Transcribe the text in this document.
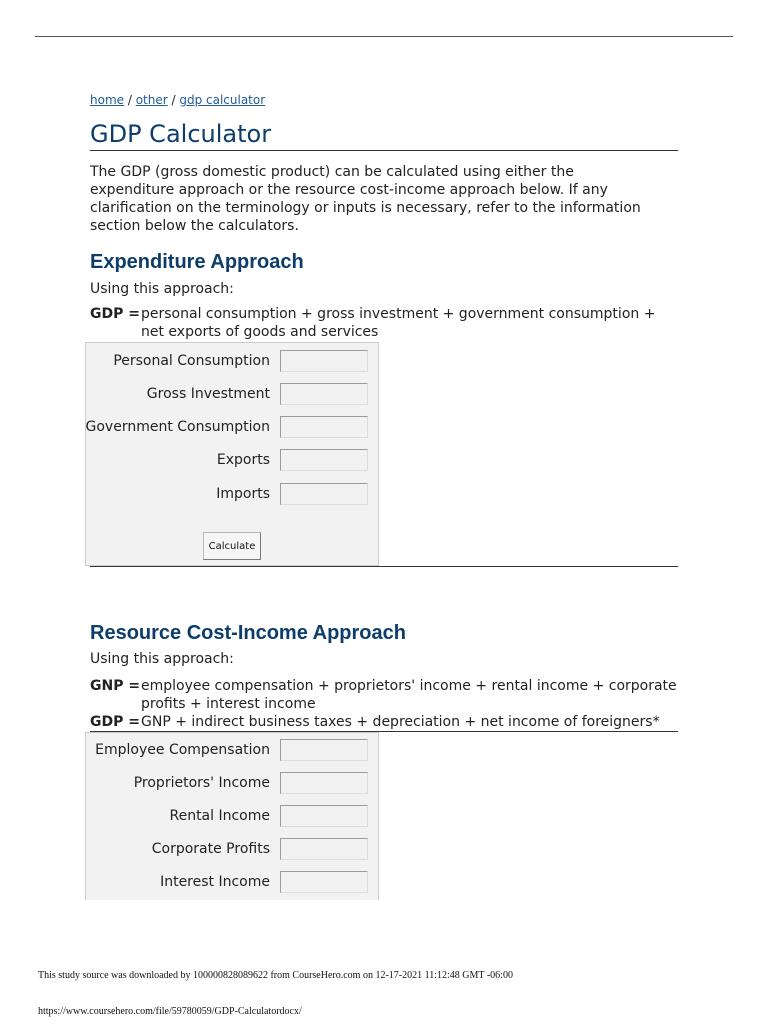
home / other / gdp calculator
GDP Calculator

The GDP (gross domestic product) can be calculated using either the expenditure approach or the resource cost-income approach below. If any clarification on the terminology or inputs is necessary, refer to the information section below the calculators.

Expenditure Approach

Using this approach:

GDP = personal consumption + gross investment + government consumption + net exports of goods and services
Personal Consumption
Gross Investment
Government Consumption
Exports
Imports
Calculate
Resource Cost-Income Approach

Using this approach:

GNP = employee compensation + proprietors' income + rental income + corporate profits + interest income
GDP = GNP + indirect business taxes + depreciation + net income of foreigners*
Employee Compensation
Proprietors' Income
Rental Income
Corporate Profits
Interest Income
This study source was downloaded by 100000828089622 from CourseHero.com on 12-17-2021 11:12:48 GMT -06:00
https://www.coursehero.com/file/59780059/GDP-Calculatordocx/
